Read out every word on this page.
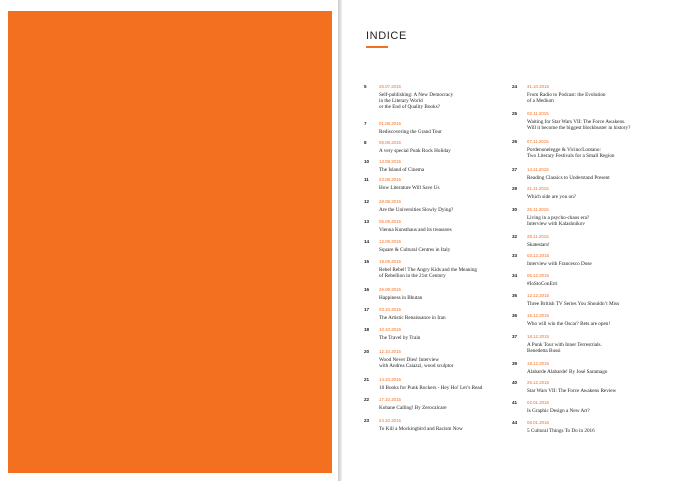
INDICE
5	25.07.2015
Self-publishing: A New Democracy
in the Literary World
or the End of Quality Books?
7	01.08.2015
Rediscovering the Grand Tour
8	06.08.2015
A very special Punk Rock Holiday
10 13.08.2015
The Island of Cinema
11 23.08.2015
How Literature Will Save Us
12 28.08.2015
Are the Universities Slowly Dying?
13 05.09.2015
Vienna Kunsthaus and its treasures
14 12.09.2015
Square & Cultural Centres in Italy
15 19.09.2015
Rebel Rebel! The Angry Kids and the Meaning
of Rebellion in the 21st Century
16 26.09.2015
Happiness in Bhutan
17 03.10.2015
The Artistic Renaissance in Iran
18 10.10.2015
The Travel by Train
20 12.10.2015
Wood Never Dies! Interview
with Andrea Caiazzi, wood sculptor
21 14.10.2015
10 Books for Punk Rockers - Hey Ho! Let’s Read
22 17.10.2015
Kobane Calling! By Zerocalcare
23 24.10.2015
To Kill a Mockingbird and Racism Now
24 31.10.2015
From Radio to Podcast: the Evolution
of a Medium
25 02.11.2015
Waiting for Star Wars VII: The Force Awakens.
Will it become the biggest blockbuster in history?
26 07.11.2015
Pordenonelegge & Vicino/Lontano:
Two Literary Festivals for a Small Region
27 14.11.2015
Reading Classics to Understand Present
29 21.11.2015
Which side are you on?
30 25.11.2015
Living in a psycho-chaos era?
Interview with Kalashnikov
32 28.11.2015
Skatestars!
33 03.12.2015
Interview with Francesco Dose
34 05.12.2015
#IoStoConErri
35 12.12.2015
Three British TV Series You Shouldn’t Miss
36 15.12.2015
Who will win the Oscar? Bets are open!
37 18.12.2015
A Punk Tour with Inner Terrestrials.
Benedetta Bussi
39 19.12.2015
Alabarde Alabarde! By José Saramago
40 26.12.2015
Star Wars VII: The Force Awakens Review
41 02.01.2016
Is Graphic Design a New Art?
44 08.01.2016
5 Cultural Things To Do in 2016
